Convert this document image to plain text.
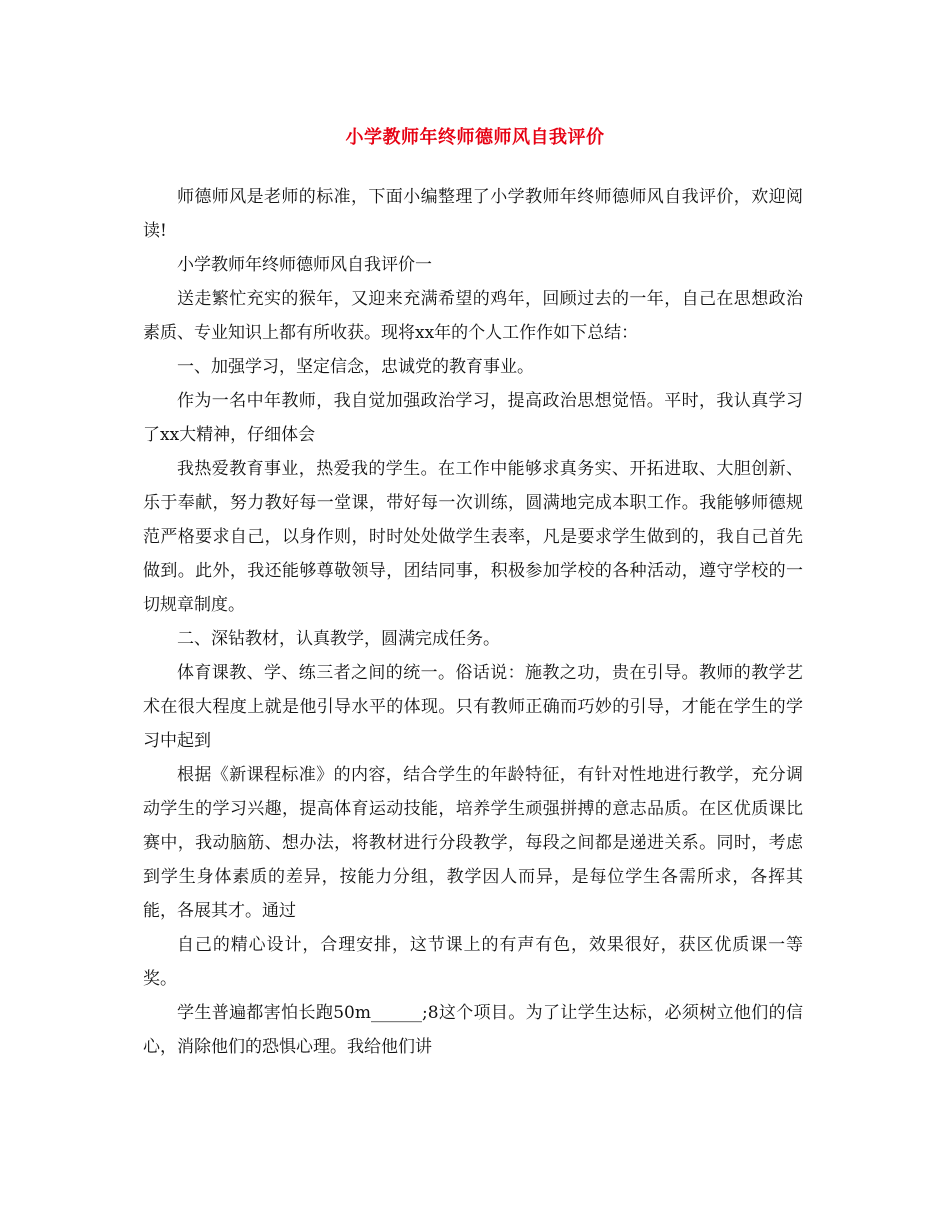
小学教师年终师德师风自我评价

师德师风是老师的标准，下面小编整理了小学教师年终师德师风自我评价，欢迎阅读!

小学教师年终师德师风自我评价一

送走繁忙充实的猴年，又迎来充满希望的鸡年，回顾过去的一年，自己在思想政治素质、专业知识上都有所收获。现将xx年的个人工作作如下总结：

一、加强学习，坚定信念，忠诚党的教育事业。

作为一名中年教师，我自觉加强政治学习，提高政治思想觉悟。平时，我认真学习了xx大精神，仔细体会

我热爱教育事业，热爱我的学生。在工作中能够求真务实、开拓进取、大胆创新、乐于奉献，努力教好每一堂课，带好每一次训练，圆满地完成本职工作。我能够师德规范严格要求自己，以身作则，时时处处做学生表率，凡是要求学生做到的，我自己首先做到。此外，我还能够尊敬领导，团结同事，积极参加学校的各种活动，遵守学校的一切规章制度。

二、深钻教材，认真教学，圆满完成任务。

体育课教、学、练三者之间的统一。俗话说：施教之功，贵在引导。教师的教学艺术在很大程度上就是他引导水平的体现。只有教师正确而巧妙的引导，才能在学生的学习中起到

根据《新课程标准》的内容，结合学生的年龄特征，有针对性地进行教学，充分调动学生的学习兴趣，提高体育运动技能，培养学生顽强拼搏的意志品质。在区优质课比赛中，我动脑筋、想办法，将教材进行分段教学，每段之间都是递进关系。同时，考虑到学生身体素质的差异，按能力分组，教学因人而异，是每位学生各需所求，各挥其能，各展其才。通过

自己的精心设计，合理安排，这节课上的有声有色，效果很好，获区优质课一等奖。

学生普遍都害怕长跑50m______;8这个项目。为了让学生达标，必须树立他们的信心，消除他们的恐惧心理。我给他们讲
